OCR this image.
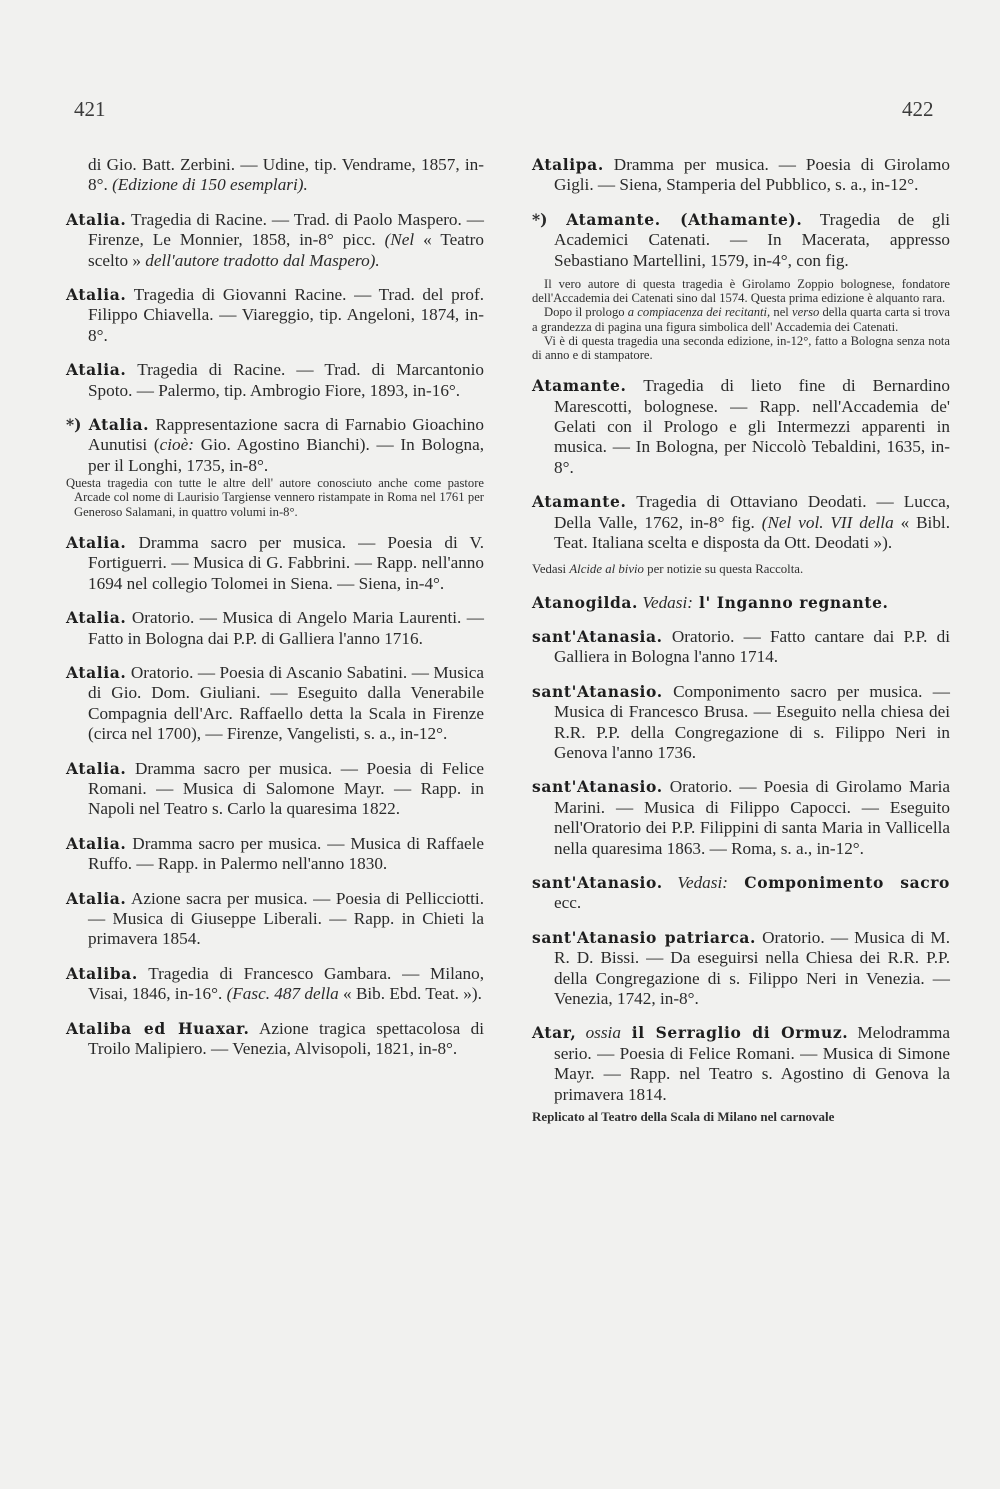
421	422

di Gio. Batt. Zerbini. — Udine, tip. Vendrame, 1857, in-8°. (Edizione di 150 esemplari).

Atalia. Tragedia di Racine. — Trad. di Paolo Maspero. — Firenze, Le Monnier, 1858, in-8° picc. (Nel « Teatro scelto » dell'autore tradotto dal Maspero).

Atalia. Tragedia di Giovanni Racine. — Trad. del prof. Filippo Chiavella. — Viareggio, tip. Angeloni, 1874, in-8°.

Atalia. Tragedia di Racine. — Trad. di Marcantonio Spoto. — Palermo, tip. Ambrogio Fiore, 1893, in-16°.

*) Atalia. Rappresentazione sacra di Farnabio Gioachino Aunutisi (cioè: Gio. Agostino Bianchi). — In Bologna, per il Longhi, 1735, in-8°.

Questa tragedia con tutte le altre dell' autore conosciuto anche come pastore Arcade col nome di Laurisio Targiense vennero ristampate in Roma nel 1761 per Generoso Salamani, in quattro volumi in-8°.

Atalia. Dramma sacro per musica. — Poesia di V. Fortiguerri. — Musica di G. Fabbrini. — Rapp. nell'anno 1694 nel collegio Tolomei in Siena. — Siena, in-4°.

Atalia. Oratorio. — Musica di Angelo Maria Laurenti. — Fatto in Bologna dai P.P. di Galliera l'anno 1716.

Atalia. Oratorio. — Poesia di Ascanio Sabatini. — Musica di Gio. Dom. Giuliani. — Eseguito dalla Venerabile Compagnia dell'Arc. Raffaello detta la Scala in Firenze (circa nel 1700), — Firenze, Vangelisti, s. a., in-12°.

Atalia. Dramma sacro per musica. — Poesia di Felice Romani. — Musica di Salomone Mayr. — Rapp. in Napoli nel Teatro s. Carlo la quaresima 1822.

Atalia. Dramma sacro per musica. — Musica di Raffaele Ruffo. — Rapp. in Palermo nell'anno 1830.

Atalia. Azione sacra per musica. — Poesia di Pellicciotti. — Musica di Giuseppe Liberali. — Rapp. in Chieti la primavera 1854.

Ataliba. Tragedia di Francesco Gambara. — Milano, Visai, 1846, in-16°. (Fasc. 487 della « Bib. Ebd. Teat. »).

Ataliba ed Huaxar. Azione tragica spettacolosa di Troilo Malipiero. — Venezia, Alvisopoli, 1821, in-8°.

Atalipa. Dramma per musica. — Poesia di Girolamo Gigli. — Siena, Stamperia del Pubblico, s. a., in-12°.

*) Atamante. (Athamante). Tragedia de gli Academici Catenati. — In Macerata, appresso Sebastiano Martellini, 1579, in-4°, con fig.

Il vero autore di questa tragedia è Girolamo Zoppio bolognese, fondatore dell'Accademia dei Catenati sino dal 1574. Questa prima edizione è alquanto rara.

Dopo il prologo a compiacenza dei recitanti, nel verso della quarta carta si trova a grandezza di pagina una figura simbolica dell' Accademia dei Catenati.

Vi è di questa tragedia una seconda edizione, in-12°, fatto a Bologna senza nota di anno e di stampatore.

Atamante. Tragedia di lieto fine di Bernardino Marescotti, bolognese. — Rapp. nell'Accademia de' Gelati con il Prologo e gli Intermezzi apparenti in musica. — In Bologna, per Niccolò Tebaldini, 1635, in-8°.

Atamante. Tragedia di Ottaviano Deodati. — Lucca, Della Valle, 1762, in-8° fig. (Nel vol. VII della « Bibl. Teat. Italiana scelta e disposta da Ott. Deodati »).

Vedasi Alcide al bivio per notizie su questa Raccolta.

Atanogilda. Vedasi: l' Inganno regnante.

sant'Atanasia. Oratorio. — Fatto cantare dai P.P. di Galliera in Bologna l'anno 1714.

sant'Atanasio. Componimento sacro per musica. — Musica di Francesco Brusa. — Eseguito nella chiesa dei R.R. P.P. della Congregazione di s. Filippo Neri in Genova l'anno 1736.

sant'Atanasio. Oratorio. — Poesia di Girolamo Maria Marini. — Musica di Filippo Capocci. — Eseguito nell'Oratorio dei P.P. Filippini di santa Maria in Vallicella nella quaresima 1863. — Roma, s. a., in-12°.

sant'Atanasio. Vedasi: Componimento sacro ecc.

sant'Atanasio patriarca. Oratorio. — Musica di M. R. D. Bissi. — Da eseguirsi nella Chiesa dei R.R. P.P. della Congregazione di s. Filippo Neri in Venezia. — Venezia, 1742, in-8°.

Atar, ossia il Serraglio di Ormuz. Melodramma serio. — Poesia di Felice Romani. — Musica di Simone Mayr. — Rapp. nel Teatro s. Agostino di Genova la primavera 1814.

Replicato al Teatro della Scala di Milano nel carnovale
